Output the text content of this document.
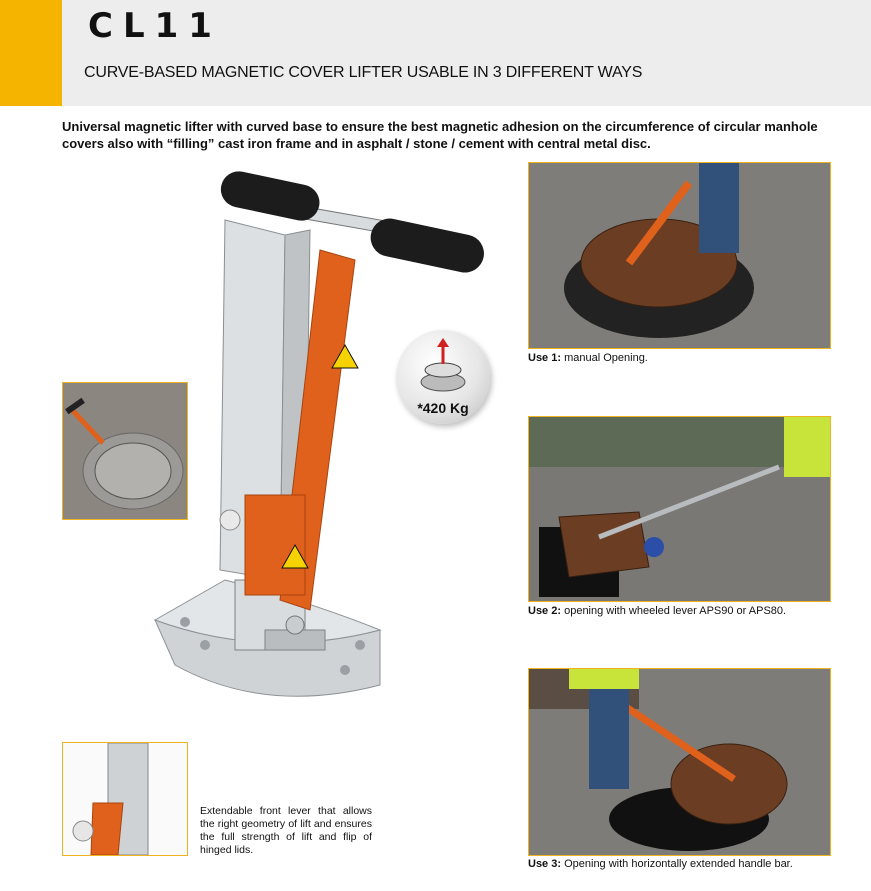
CL11
CURVE-BASED MAGNETIC COVER LIFTER USABLE IN 3 DIFFERENT WAYS
Universal magnetic lifter with curved base to ensure the best magnetic adhesion on the circumference of circular manhole covers also with “filling” cast iron frame and in asphalt / stone / cement with central metal disc.
*420 Kg
Extendable front lever that allows the right geometry of lift and ensures the full strength of lift and flip of hinged lids.
Use 1: manual Opening.
Use 2: opening with wheeled lever APS90 or APS80.
Use 3: Opening with horizontally extended handle bar.
